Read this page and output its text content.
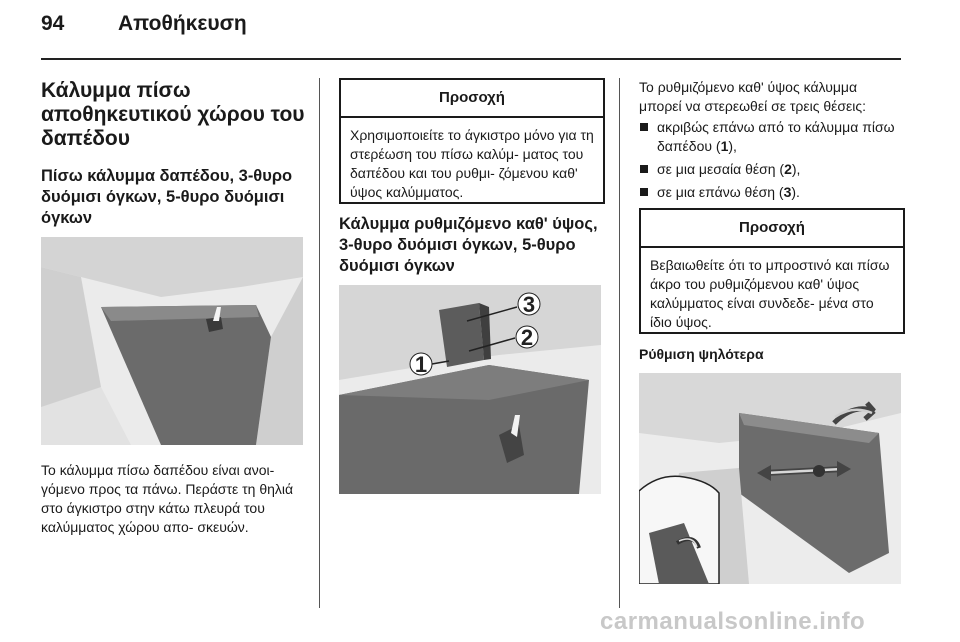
94	Αποθήκευση
Κάλυμμα πίσω αποθηκευτικού χώρου του δαπέδου
Πίσω κάλυμμα δαπέδου, 3-θυρο δυόμισι όγκων, 5-θυρο δυόμισι όγκων
Το κάλυμμα πίσω δαπέδου είναι ανοι- γόμενο προς τα πάνω. Περάστε τη θηλιά στο άγκιστρο στην κάτω πλευρά του καλύμματος χώρου απο- σκευών.
Προσοχή
Χρησιμοποιείτε το άγκιστρο μόνο για τη στερέωση του πίσω καλύμ- ματος του δαπέδου και του ρυθμι- ζόμενου καθ' ύψος καλύμματος.
Κάλυμμα ρυθμιζόμενο καθ' ύψος, 3-θυρο δυόμισι όγκων, 5-θυρο δυόμισι όγκων
1
2
3
Το ρυθμιζόμενο καθ' ύψος κάλυμμα μπορεί να στερεωθεί σε τρεις θέσεις:
ακριβώς επάνω από το κάλυμμα πίσω δαπέδου (1),
σε μια μεσαία θέση (2),
σε μια επάνω θέση (3).
Προσοχή
Βεβαιωθείτε ότι το μπροστινό και πίσω άκρο του ρυθμιζόμενου καθ' ύψος καλύμματος είναι συνδεδε- μένα στο ίδιο ύψος.
Ρύθμιση ψηλότερα
carmanualsonline.info
